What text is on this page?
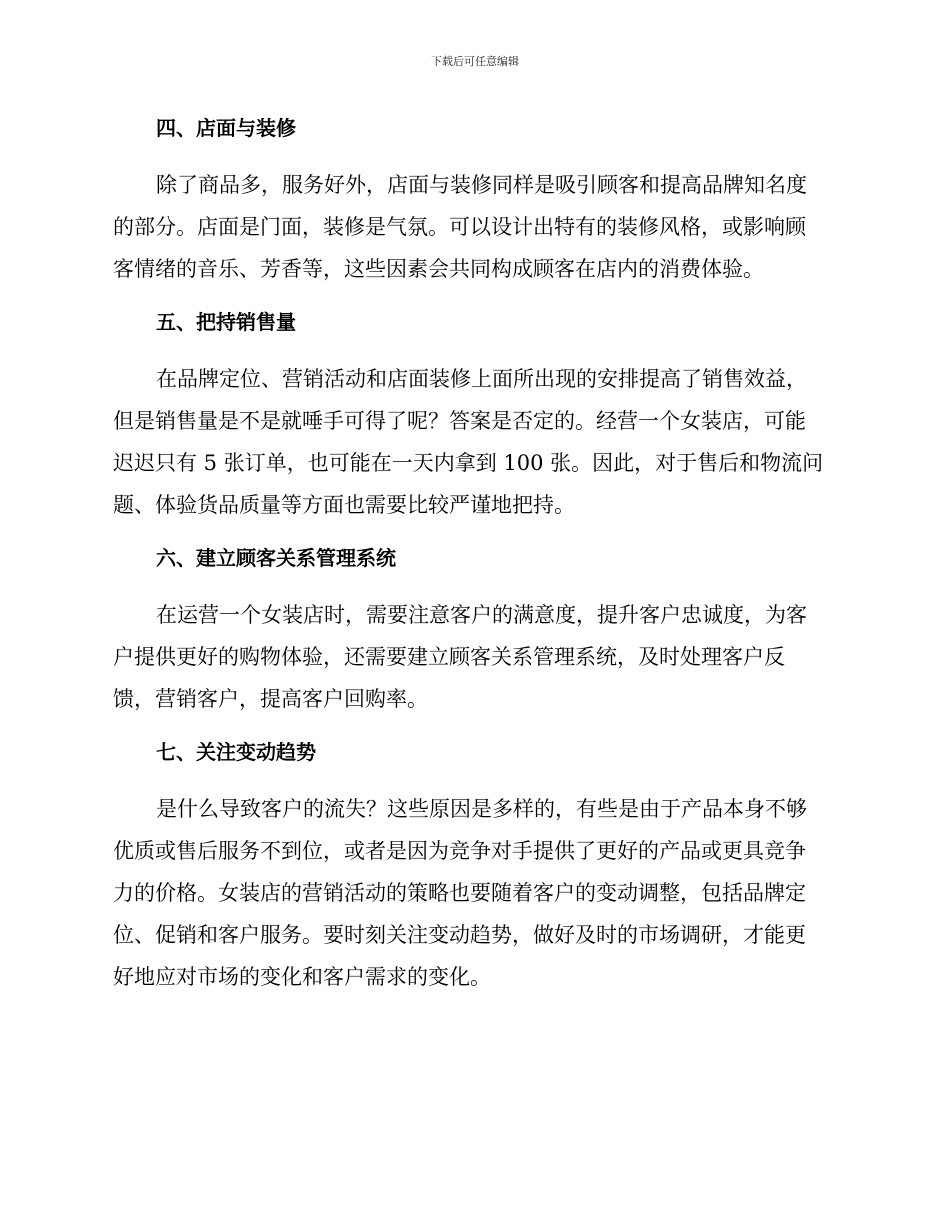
下载后可任意编辑
四、店面与装修

除了商品多，服务好外，店面与装修同样是吸引顾客和提高品牌知名度
的部分。店面是门面，装修是气氛。可以设计出特有的装修风格，或影响顾
客情绪的音乐、芳香等，这些因素会共同构成顾客在店内的消费体验。

五、把持销售量

在品牌定位、营销活动和店面装修上面所出现的安排提高了销售效益，
但是销售量是不是就唾手可得了呢？答案是否定的。经营一个女装店，可能
迟迟只有 5 张订单，也可能在一天内拿到 100 张。因此，对于售后和物流问
题、体验货品质量等方面也需要比较严谨地把持。

六、建立顾客关系管理系统

在运营一个女装店时，需要注意客户的满意度，提升客户忠诚度，为客
户提供更好的购物体验，还需要建立顾客关系管理系统，及时处理客户反
馈，营销客户，提高客户回购率。

七、关注变动趋势

是什么导致客户的流失？这些原因是多样的，有些是由于产品本身不够
优质或售后服务不到位，或者是因为竞争对手提供了更好的产品或更具竞争
力的价格。女装店的营销活动的策略也要随着客户的变动调整，包括品牌定
位、促销和客户服务。要时刻关注变动趋势，做好及时的市场调研，才能更
好地应对市场的变化和客户需求的变化。
